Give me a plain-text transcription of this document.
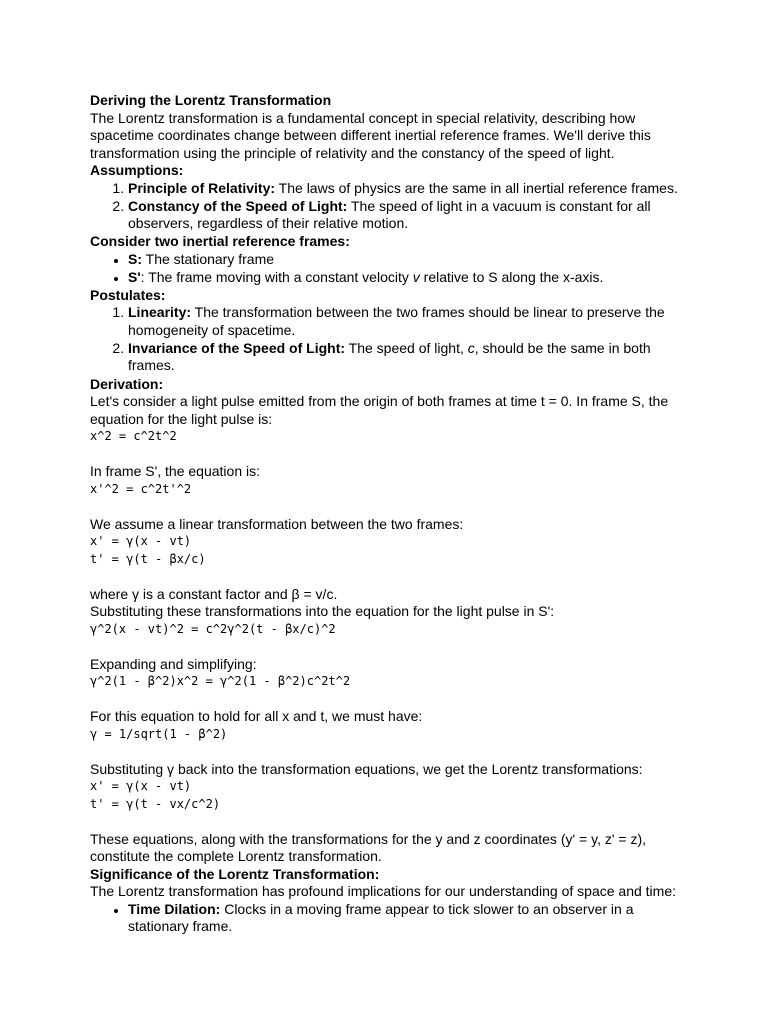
Deriving the Lorentz Transformation

The Lorentz transformation is a fundamental concept in special relativity, describing how spacetime coordinates change between different inertial reference frames. We'll derive this transformation using the principle of relativity and the constancy of the speed of light.

Assumptions:

1. Principle of Relativity: The laws of physics are the same in all inertial reference frames.
2. Constancy of the Speed of Light: The speed of light in a vacuum is constant for all observers, regardless of their relative motion.

Consider two inertial reference frames:

• S: The stationary frame
• S': The frame moving with a constant velocity v relative to S along the x-axis.

Postulates:

1. Linearity: The transformation between the two frames should be linear to preserve the homogeneity of spacetime.
2. Invariance of the Speed of Light: The speed of light, c, should be the same in both frames.

Derivation:

Let's consider a light pulse emitted from the origin of both frames at time t = 0. In frame S, the equation for the light pulse is:

x^2 = c^2t^2

In frame S', the equation is:

x'^2 = c^2t'^2

We assume a linear transformation between the two frames:

x' = γ(x - vt)

t' = γ(t - βx/c)

where γ is a constant factor and β = v/c.

Substituting these transformations into the equation for the light pulse in S':

γ^2(x - vt)^2 = c^2γ^2(t - βx/c)^2

Expanding and simplifying:

γ^2(1 - β^2)x^2 = γ^2(1 - β^2)c^2t^2

For this equation to hold for all x and t, we must have:

γ = 1/sqrt(1 - β^2)

Substituting γ back into the transformation equations, we get the Lorentz transformations:

x' = γ(x - vt)

t' = γ(t - vx/c^2)

These equations, along with the transformations for the y and z coordinates (y' = y, z' = z), constitute the complete Lorentz transformation.

Significance of the Lorentz Transformation:

The Lorentz transformation has profound implications for our understanding of space and time:

• Time Dilation: Clocks in a moving frame appear to tick slower to an observer in a stationary frame.
